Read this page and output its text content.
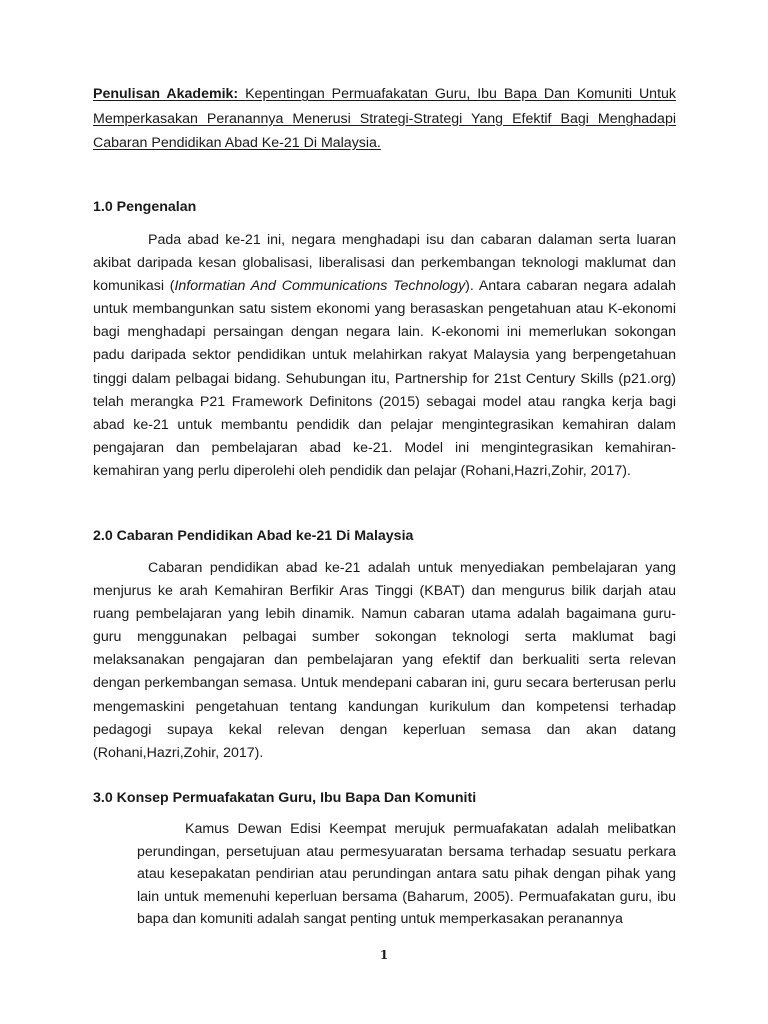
Penulisan Akademik: Kepentingan Permuafakatan Guru, Ibu Bapa Dan Komuniti Untuk Memperkasakan Peranannya Menerusi Strategi-Strategi Yang Efektif Bagi Menghadapi Cabaran Pendidikan Abad Ke-21 Di Malaysia.
1.0 Pengenalan

Pada abad ke-21 ini, negara menghadapi isu dan cabaran dalaman serta luaran akibat daripada kesan globalisasi, liberalisasi dan perkembangan teknologi maklumat dan komunikasi (Informatian And Communications Technology). Antara cabaran negara adalah untuk membangunkan satu sistem ekonomi yang berasaskan pengetahuan atau K-ekonomi bagi menghadapi persaingan dengan negara lain. K-ekonomi ini memerlukan sokongan padu daripada sektor pendidikan untuk melahirkan rakyat Malaysia yang berpengetahuan tinggi dalam pelbagai bidang. Sehubungan itu, Partnership for 21st Century Skills (p21.org) telah merangka P21 Framework Definitons (2015) sebagai model atau rangka kerja bagi abad ke-21 untuk membantu pendidik dan pelajar mengintegrasikan kemahiran dalam pengajaran dan pembelajaran abad ke-21. Model ini mengintegrasikan kemahiran-kemahiran yang perlu diperolehi oleh pendidik dan pelajar (Rohani,Hazri,Zohir, 2017).

2.0 Cabaran Pendidikan Abad ke-21 Di Malaysia

Cabaran pendidikan abad ke-21 adalah untuk menyediakan pembelajaran yang menjurus ke arah Kemahiran Berfikir Aras Tinggi (KBAT) dan mengurus bilik darjah atau ruang pembelajaran yang lebih dinamik. Namun cabaran utama adalah bagaimana guru-guru menggunakan pelbagai sumber sokongan teknologi serta maklumat bagi melaksanakan pengajaran dan pembelajaran yang efektif dan berkualiti serta relevan dengan perkembangan semasa. Untuk mendepani cabaran ini, guru secara berterusan perlu mengemaskini pengetahuan tentang kandungan kurikulum dan kompetensi terhadap pedagogi supaya kekal relevan dengan keperluan semasa dan akan datang (Rohani,Hazri,Zohir, 2017).

3.0 Konsep Permuafakatan Guru, Ibu Bapa Dan Komuniti

Kamus Dewan Edisi Keempat merujuk permuafakatan adalah melibatkan perundingan, persetujuan atau permesyuaratan bersama terhadap sesuatu perkara atau kesepakatan pendirian atau perundingan antara satu pihak dengan pihak yang lain untuk memenuhi keperluan bersama (Baharum, 2005). Permuafakatan guru, ibu bapa dan komuniti adalah sangat penting untuk memperkasakan peranannya

1
